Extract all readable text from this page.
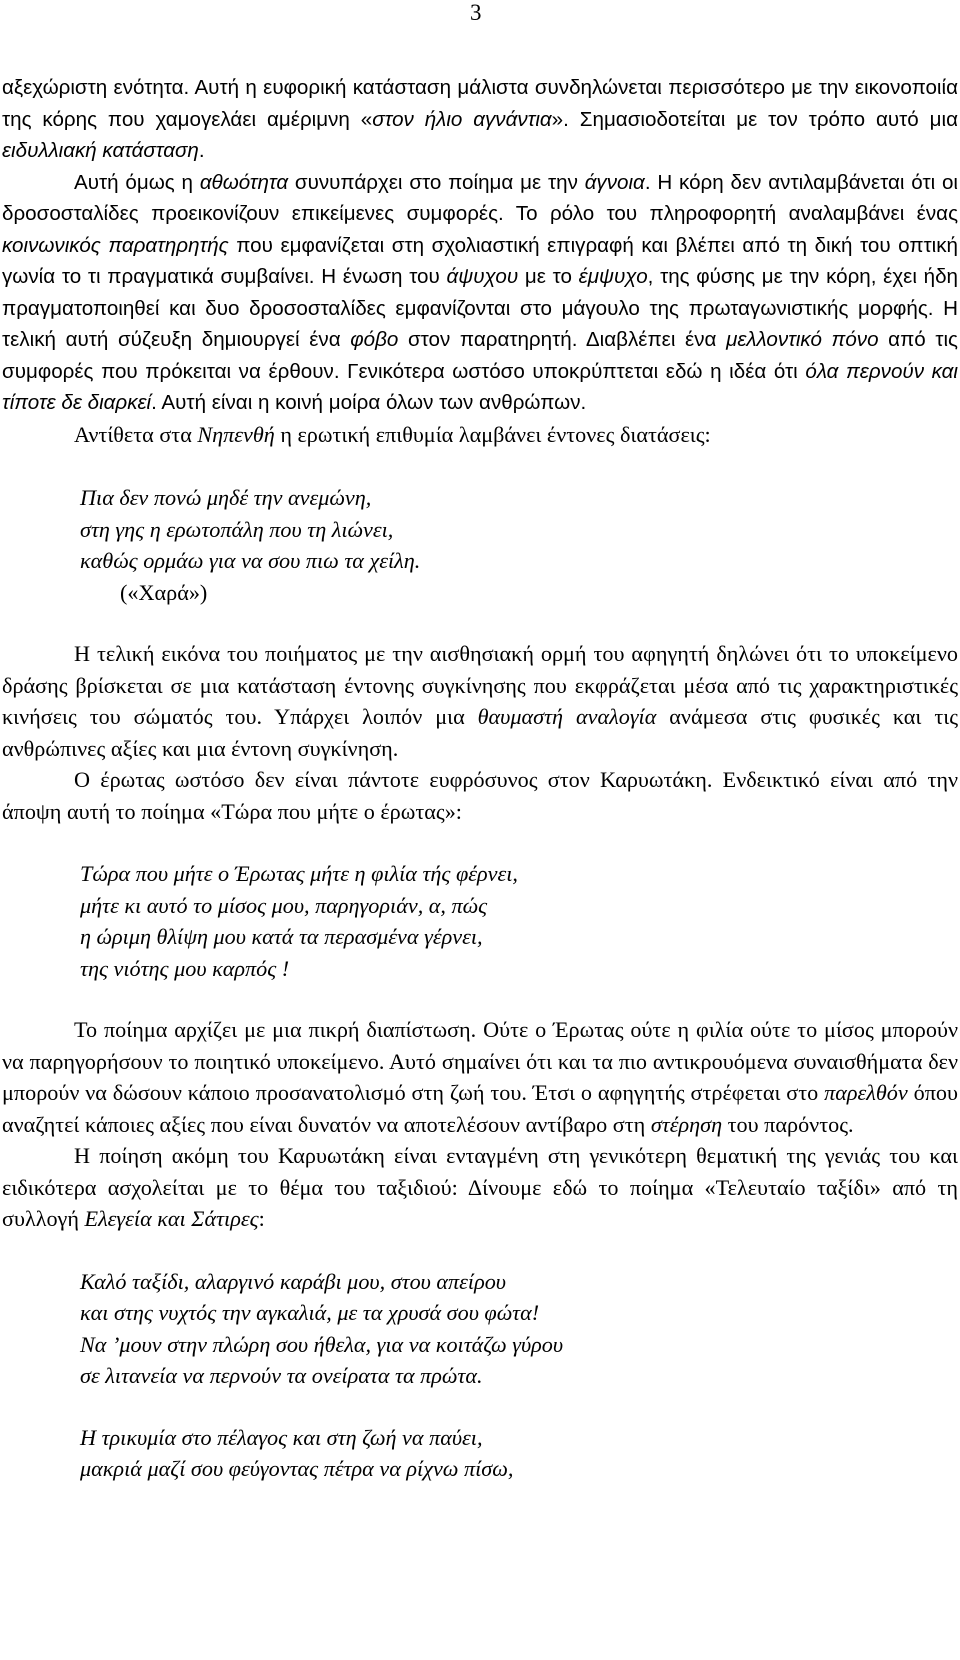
3

αξεχώριστη ενότητα. Αυτή η ευφορική κατάσταση μάλιστα συνδηλώνεται περισσότερο με την εικονοποιία της κόρης που χαμογελάει αμέριμνη «στον ήλιο αγνάντια». Σημασιοδοτείται με τον τρόπο αυτό μια ειδυλλιακή κατάσταση.

Αυτή όμως η αθωότητα συνυπάρχει στο ποίημα με την άγνοια. Η κόρη δεν αντιλαμβάνεται ότι οι δροσοσταλίδες προεικονίζουν επικείμενες συμφορές. Το ρόλο του πληροφορητή αναλαμβάνει ένας κοινωνικός παρατηρητής που εμφανίζεται στη σχολιαστική επιγραφή και βλέπει από τη δική του οπτική γωνία το τι πραγματικά συμβαίνει. Η ένωση του άψυχου με το έμψυχο, της φύσης με την κόρη, έχει ήδη πραγματοποιηθεί και δυο δροσοσταλίδες εμφανίζονται στο μάγουλο της πρωταγωνιστικής μορφής. Η τελική αυτή σύζευξη δημιουργεί ένα φόβο στον παρατηρητή. Διαβλέπει ένα μελλοντικό πόνο από τις συμφορές που πρόκειται να έρθουν. Γενικότερα ωστόσο υποκρύπτεται εδώ η ιδέα ότι όλα περνούν και τίποτε δε διαρκεί. Αυτή είναι η κοινή μοίρα όλων των ανθρώπων.

Αντίθετα στα Νηπενθή η ερωτική επιθυμία λαμβάνει έντονες διατάσεις:

Πια δεν πονώ μηδέ την ανεμώνη,
στη γης η ερωτοπάλη που τη λιώνει,
καθώς ορμάω για να σου πιω τα χείλη.
(«Χαρά»)

Η τελική εικόνα του ποιήματος με την αισθησιακή ορμή του αφηγητή δηλώνει ότι το υποκείμενο δράσης βρίσκεται σε μια κατάσταση έντονης συγκίνησης που εκφράζεται μέσα από τις χαρακτηριστικές κινήσεις του σώματός του. Υπάρχει λοιπόν μια θαυμαστή αναλογία ανάμεσα στις φυσικές και τις ανθρώπινες αξίες και μια έντονη συγκίνηση.

Ο έρωτας ωστόσο δεν είναι πάντοτε ευφρόσυνος στον Καρυωτάκη. Ενδεικτικό είναι από την άποψη αυτή το ποίημα «Τώρα που μήτε ο έρωτας»:

Τώρα που μήτε ο Έρωτας μήτε η φιλία τής φέρνει,
μήτε κι αυτό το μίσος μου, παρηγοριάν, α, πώς
η ώριμη θλίψη μου κατά τα περασμένα γέρνει,
της νιότης μου καρπός !

Το ποίημα αρχίζει με μια πικρή διαπίστωση. Ούτε ο Έρωτας ούτε η φιλία ούτε το μίσος μπορούν να παρηγορήσουν το ποιητικό υποκείμενο. Αυτό σημαίνει ότι και τα πιο αντικρουόμενα συναισθήματα δεν μπορούν να δώσουν κάποιο προσανατολισμό στη ζωή του. Έτσι ο αφηγητής στρέφεται στο παρελθόν όπου αναζητεί κάποιες αξίες που είναι δυνατόν να αποτελέσουν αντίβαρο στη στέρηση του παρόντος.

Η ποίηση ακόμη του Καρυωτάκη είναι ενταγμένη στη γενικότερη θεματική της γενιάς του και ειδικότερα ασχολείται με το θέμα του ταξιδιού: Δίνουμε εδώ το ποίημα «Τελευταίο ταξίδι» από τη συλλογή Ελεγεία και Σάτιρες:

Καλό ταξίδι, αλαργινό καράβι μου, στου απείρου
και στης νυχτός την αγκαλιά, με τα χρυσά σου φώτα!
Να ’μουν στην πλώρη σου ήθελα, για να κοιτάζω γύρου
σε λιτανεία να περνούν τα ονείρατα τα πρώτα.
Η τρικυμία στο πέλαγος και στη ζωή να παύει,
μακριά μαζί σου φεύγοντας πέτρα να ρίχνω πίσω,
